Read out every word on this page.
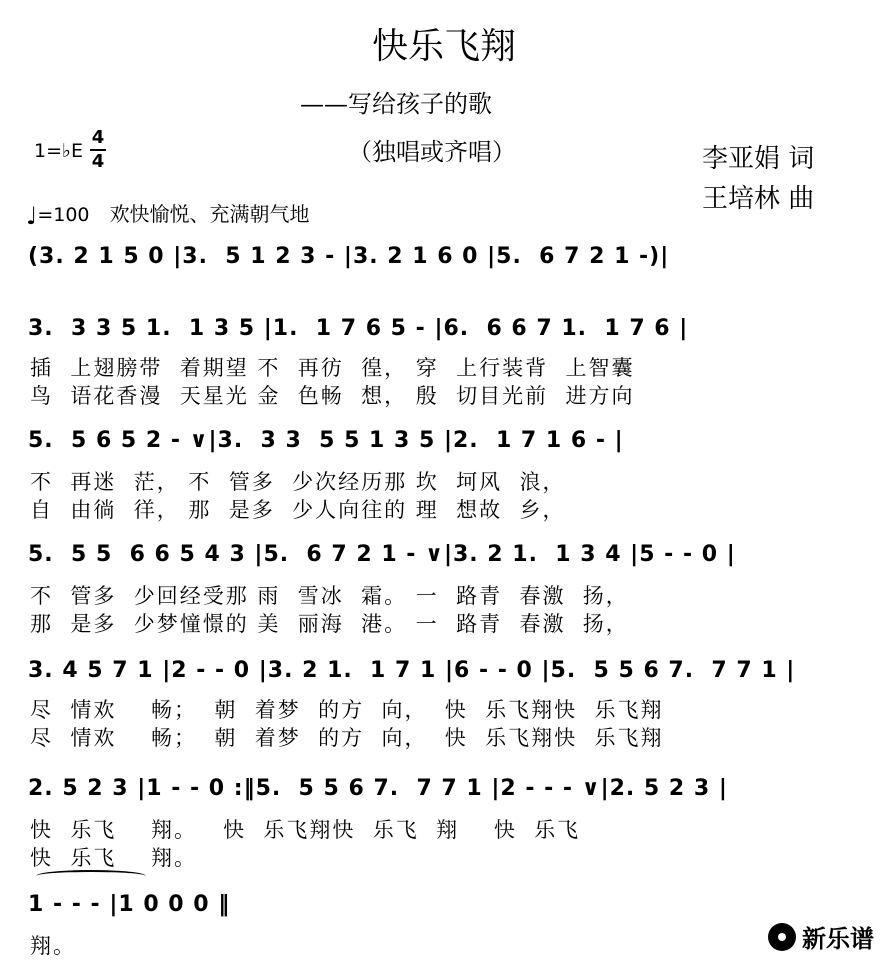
快乐飞翔
——写给孩子的歌
（独唱或齐唱）
1=♭E
4
4
♩=100 欢快愉悦、充满朝气地
李亚娟 词
王培林 曲
(3. 2 1 5 0 |3.  5 1 2 3 - |3. 2 1 6 0 |5.  6 7 2 1 -)|
3.  3 3 5 1.  1 3 5 |1.  1 7 6 5 - |6.  6 6 7 1.  1 7 6 |
插  上翅膀带  着期望 不  再彷  徨， 穿  上行装背  上智囊
鸟  语花香漫  天星光 金  色畅  想， 殷  切目光前  进方向
5.  5 6 5 2 - ∨|3.  3 3  5 5 1 3 5 |2.  1 7 1 6 - |
不  再迷  茫， 不  管多  少次经历那 坎  坷风  浪，
自  由徜  徉， 那  是多  少人向往的 理  想故  乡，
5.  5 5  6 6 5 4 3 |5.  6 7 2 1 - ∨|3. 2 1.  1 3 4 |5 - - 0 |
不  管多  少回经受那 雨  雪冰  霜。 一  路青  春激  扬，
那  是多  少梦憧憬的 美  丽海  港。 一  路青  春激  扬，
3. 4 5 7 1 |2 - - 0 |3. 2 1.  1 7 1 |6 - - 0 |5.  5 5 6 7.  7 7 1 |
尽  情欢    畅；  朝  着梦  的方  向，  快  乐飞翔快  乐飞翔
尽  情欢    畅；  朝  着梦  的方  向，  快  乐飞翔快  乐飞翔
2. 5 2 3 |1 - - 0 :‖5.  5 5 6 7.  7 7 1 |2 - - - ∨|2. 5 2 3 |
快  乐飞    翔。   快  乐飞翔快  乐飞  翔    快  乐飞
快  乐飞    翔。
1 - - - |1 0 0 0 ‖
翔。	新乐谱
